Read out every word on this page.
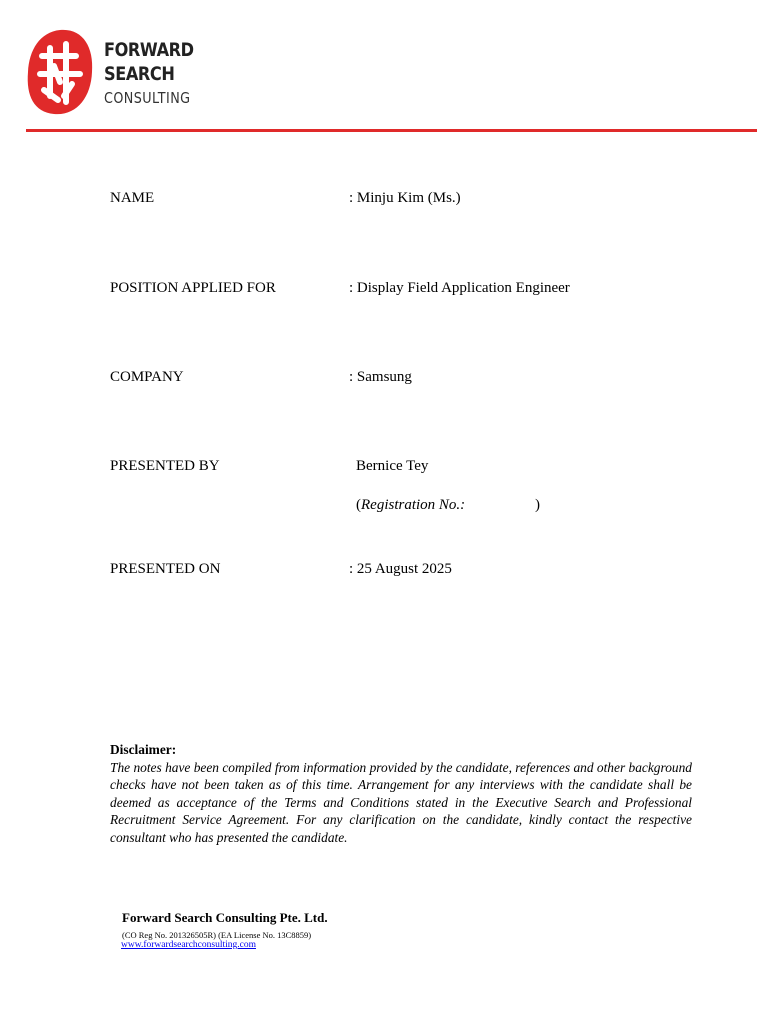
FORWARD
SEARCH
CONSULTING
NAME	: Minju Kim (Ms.)
POSITION APPLIED FOR	: Display Field Application Engineer
COMPANY	: Samsung
PRESENTED BY	Bernice Tey
(Registration No.:	)
PRESENTED ON	: 25 August 2025
Disclaimer:
The notes have been compiled from information provided by the candidate, references and other background checks have not been taken as of this time. Arrangement for any interviews with the candidate shall be deemed as acceptance of the Terms and Conditions stated in the Executive Search and Professional Recruitment Service Agreement. For any clarification on the candidate, kindly contact the respective consultant who has presented the candidate.
Forward Search Consulting Pte. Ltd.
(CO Reg No. 201326505R) (EA License No. 13C8859)
www.forwardsearchconsulting.com
